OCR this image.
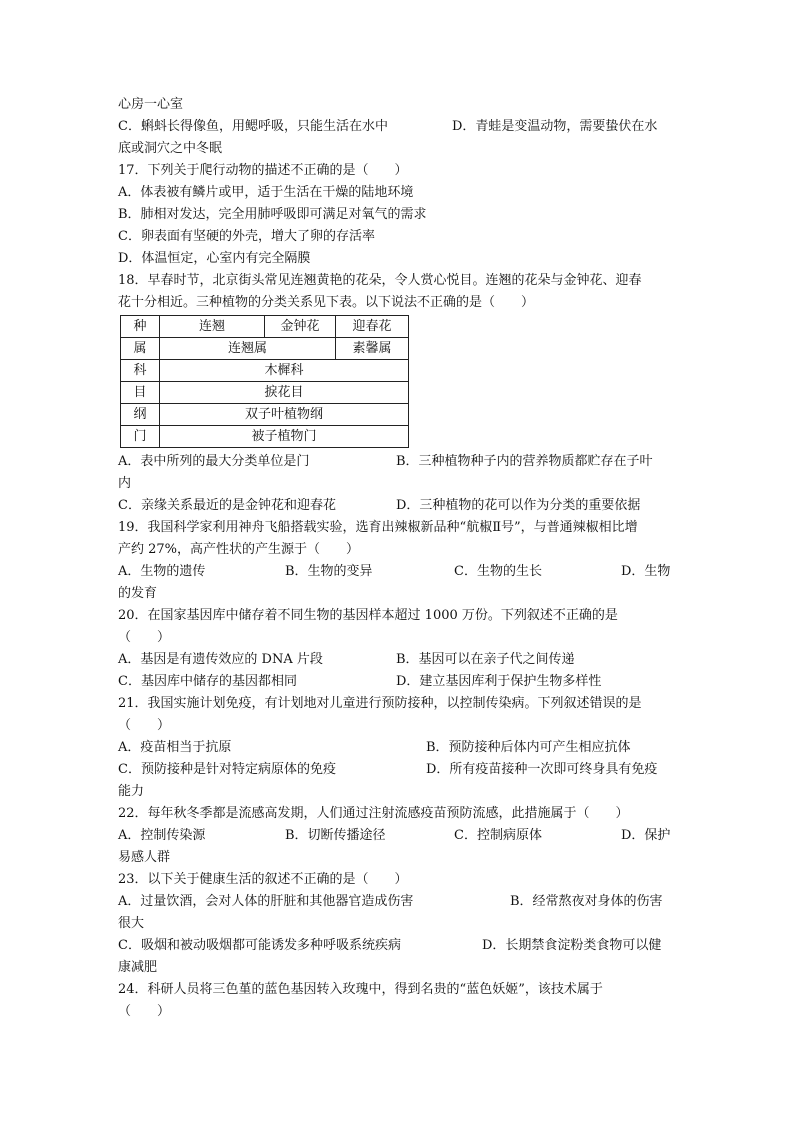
心房一心室
C．蝌蚪长得像鱼，用鳃呼吸，只能生活在水中	D．青蛙是变温动物，需要蛰伏在水
底或洞穴之中冬眠
17．下列关于爬行动物的描述不正确的是（　　）
A．体表被有鳞片或甲，适于生活在干燥的陆地环境
B．肺相对发达，完全用肺呼吸即可满足对氧气的需求
C．卵表面有坚硬的外壳，增大了卵的存活率
D．体温恒定，心室内有完全隔膜
18．早春时节，北京街头常见连翘黄艳的花朵，令人赏心悦目。连翘的花朵与金钟花、迎春
花十分相近。三种植物的分类关系见下表。以下说法不正确的是（　　）
种	连翘	金钟花	迎春花
属	连翘属		素馨属
科	木樨科		
目	捩花目		
纲	双子叶植物纲		
门	被子植物门		
A．表中所列的最大分类单位是门	B．三种植物种子内的营养物质都贮存在子叶
内
C．亲缘关系最近的是金钟花和迎春花	D．三种植物的花可以作为分类的重要依据
19．我国科学家利用神舟飞船搭载实验，选育出辣椒新品种“航椒Ⅱ号”，与普通辣椒相比增
产约 27%，高产性状的产生源于（　　）
A．生物的遗传	B．生物的变异	C．生物的生长	D．生物
的发育
20．在国家基因库中储存着不同生物的基因样本超过 1000 万份。下列叙述不正确的是
（　　）
A．基因是有遗传效应的 DNA 片段	B．基因可以在亲子代之间传递
C．基因库中储存的基因都相同	D．建立基因库利于保护生物多样性
21．我国实施计划免疫，有计划地对儿童进行预防接种，以控制传染病。下列叙述错误的是
（　　）
A．疫苗相当于抗原	B．预防接种后体内可产生相应抗体
C．预防接种是针对特定病原体的免疫	D．所有疫苗接种一次即可终身具有免疫
能力
22．每年秋冬季都是流感高发期，人们通过注射流感疫苗预防流感，此措施属于（　　）
A．控制传染源	B．切断传播途径	C．控制病原体	D．保护
易感人群
23．以下关于健康生活的叙述不正确的是（　　）
A．过量饮酒，会对人体的肝脏和其他器官造成伤害	B．经常熬夜对身体的伤害
很大
C．吸烟和被动吸烟都可能诱发多种呼吸系统疾病	D．长期禁食淀粉类食物可以健
康减肥
24．科研人员将三色堇的蓝色基因转入玫瑰中，得到名贵的“蓝色妖姬”，该技术属于
（　　）
